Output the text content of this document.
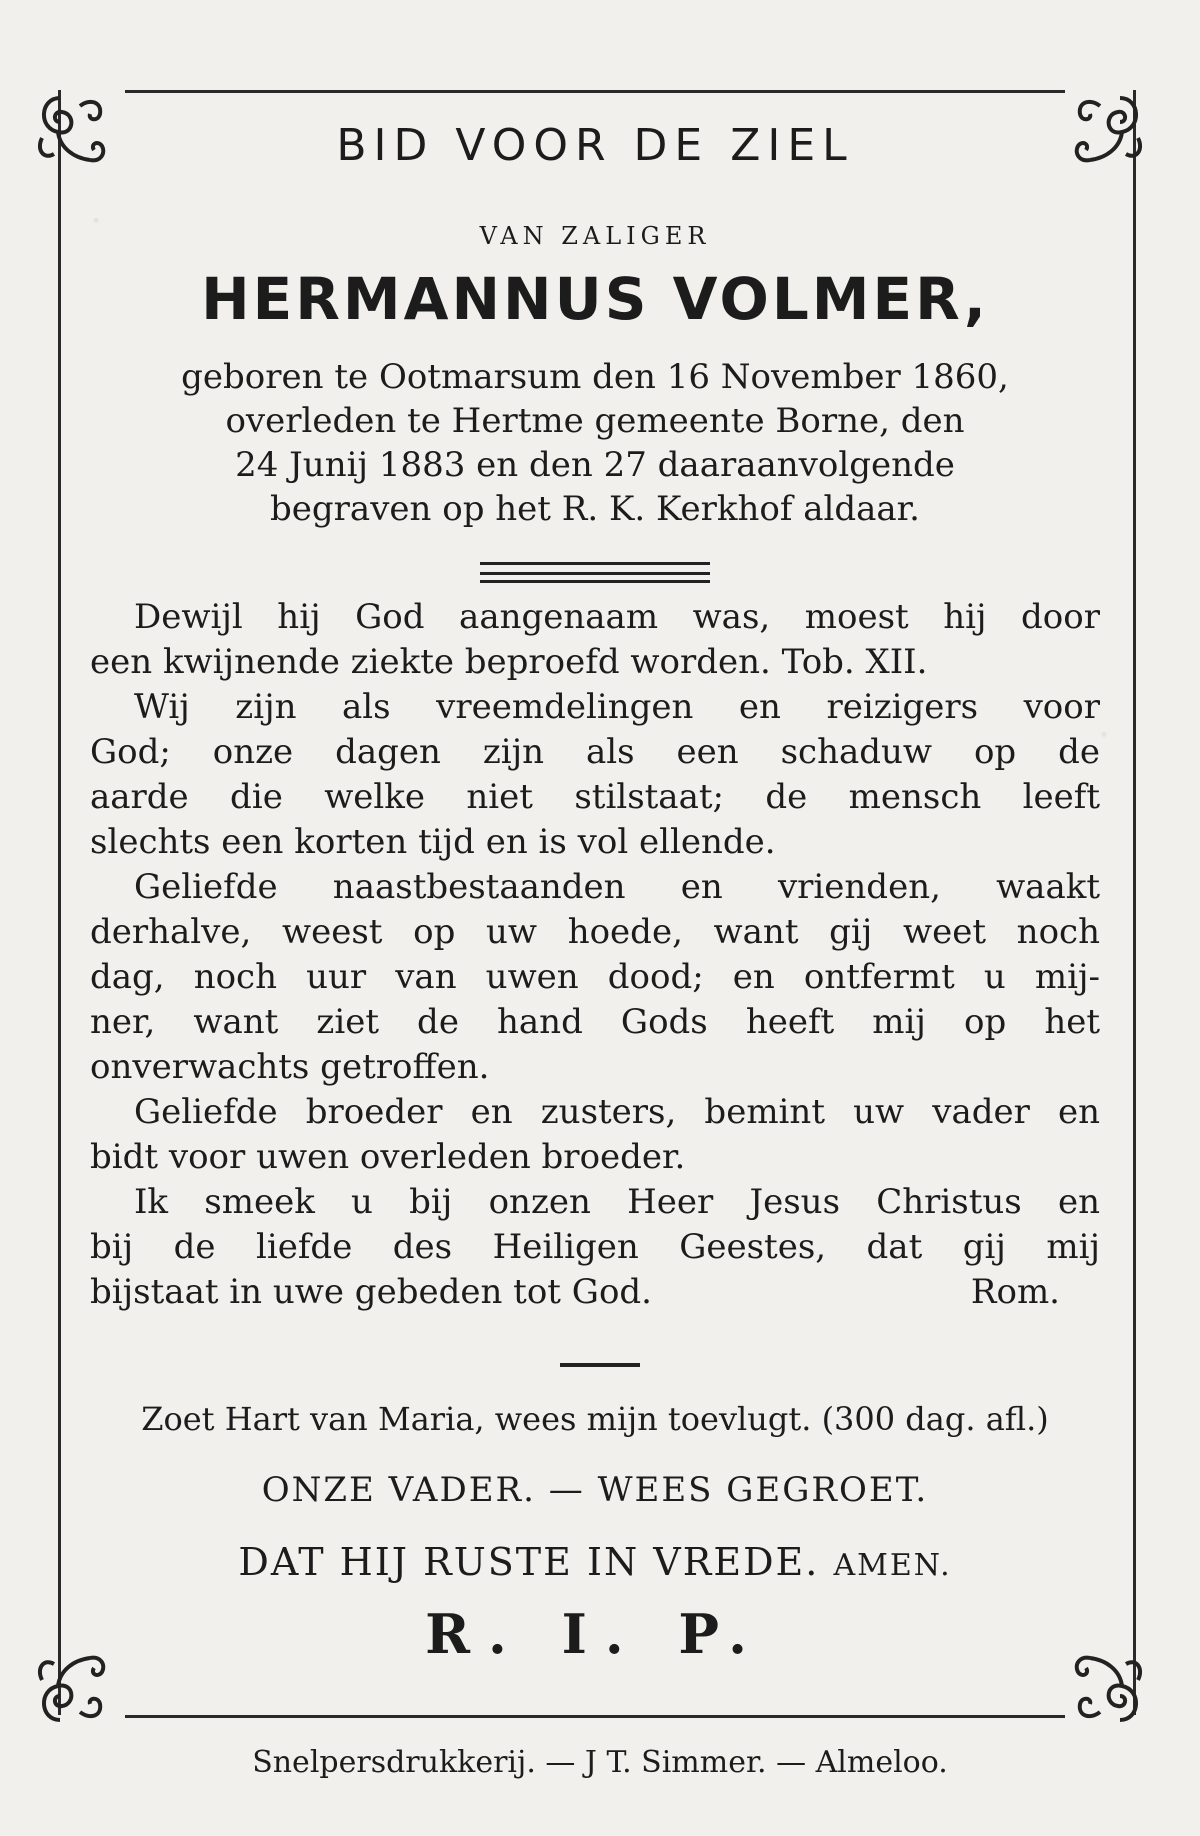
BID VOOR DE ZIEL
VAN ZALIGER
HERMANNUS VOLMER,
geboren te Ootmarsum den 16 November 1860,
overleden te Hertme gemeente Borne, den
24 Junij 1883 en den 27 daaraanvolgende
begraven op het R. K. Kerkhof aldaar.
Dewijl hij God aangenaam was, moest hij door
een kwijnende ziekte beproefd worden. Tob. XII.
Wij zijn als vreemdelingen en reizigers voor
God; onze dagen zijn als een schaduw op de
aarde die welke niet stilstaat; de mensch leeft
slechts een korten tijd en is vol ellende.
Geliefde naastbestaanden en vrienden, waakt
derhalve, weest op uw hoede, want gij weet noch
dag, noch uur van uwen dood; en ontfermt u mij-
ner, want ziet de hand Gods heeft mij op het
onverwachts getroffen.
Geliefde broeder en zusters, bemint uw vader en
bidt voor uwen overleden broeder.
Ik smeek u bij onzen Heer Jesus Christus en
bij de liefde des Heiligen Geestes, dat gij mij
bijstaat in uwe gebeden tot God.	Rom.
Zoet Hart van Maria, wees mijn toevlugt. (300 dag. afl.)
ONZE VADER. — WEES GEGROET.
DAT HIJ RUSTE IN VREDE. AMEN.
R. I. P.
Snelpersdrukkerij. — J T. Simmer. — Almeloo.
